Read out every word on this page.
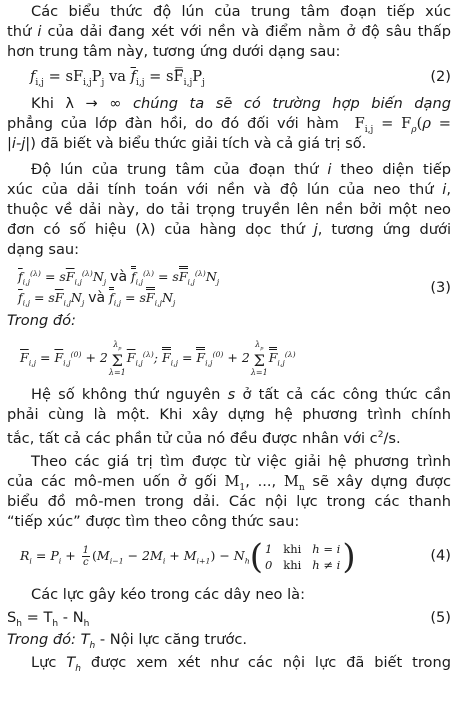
Các biểu thức độ lún của trung tâm đoạn tiếp xúc
thứ i của dải đang xét với nền và điểm nằm ở độ sâu thấp
hơn trung tâm này, tương ứng dưới dạng sau:
$f_{i,j} = sF_{i,j}P_j$ va $\overline{f}_{i,j}$ = $sF̿_{i,j}P_j$	(2)
Khi λ → ∞ chúng ta sẽ có trường hợp biến dạng
phẳng của lớp đàn hồi, do đó đối với hàm  $F_{i,j} = F_\rho(\rho$ =
|i-j|) đã biết và biểu thức giải tích và cả giá trị số.
Độ lún của trung tâm của đoạn thứ i theo diện tiếp
xúc của dải tính toán với nền và độ lún của neo thứ i,
thuộc về dải này, do tải trọng truyền lên nền bởi một neo
đơn có số hiệu (λ) của hàng dọc thứ j, tương ứng dưới
dạng sau:
$\overline{f}_{i,j}^{(\lambda)} = s\overline{F}_{i,j}^{(\lambda)}N_j$ và $f_{i,j}^{(\lambda)} = sF_{i,j}^{(\lambda)}N_j$
$\overline{f}_{i,j} = s\overline{F}_{i,j}N_j$ và $f_{i,j} = sF_{i,j}N_j$
(3)
Trong đó:
$\overline{F}_{i,j} = \overline{F}_{i,j}^{(0)} + 2$
$\lambda_p$
Σ
λ=1
$\overline{F}_{i,j}^{(\lambda)}$; $F_{i,j} = F_{i,j}^{(0)} + 2$
$\lambda_p$
Σ
λ=1
$F_{i,j}^{(\lambda)}$
Hệ số không thứ nguyên s ở tất cả các công thức cần
phải cùng là một. Khi xây dựng hệ phương trình chính
tắc, tất cả các phần tử của nó đều được nhân với $c^2/s$.
Theo các giá trị tìm được từ việc giải hệ phương trình
của các mô-men uốn ở gối $M_1$, ..., $M_n$ sẽ xây dựng được
biểu đồ mô-men trong dải. Các nội lực trong các thanh
“tiếp xúc” được tìm theo công thức sau:
$R_i = P_i + \frac{1}{c} (M_{i-1} - 2M_i + M_{i+1}) - N_h$ ( 1   khi   h = i
0   khi   h ≠ i )	(4)
Các lực gây kéo trong các dây neo là:
$S_h = T_h - N_h$	(5)
Trong đó: $T_h$ - Nội lực căng trước.
Lực $T_h$ được xem xét như các nội lực đã biết trong
